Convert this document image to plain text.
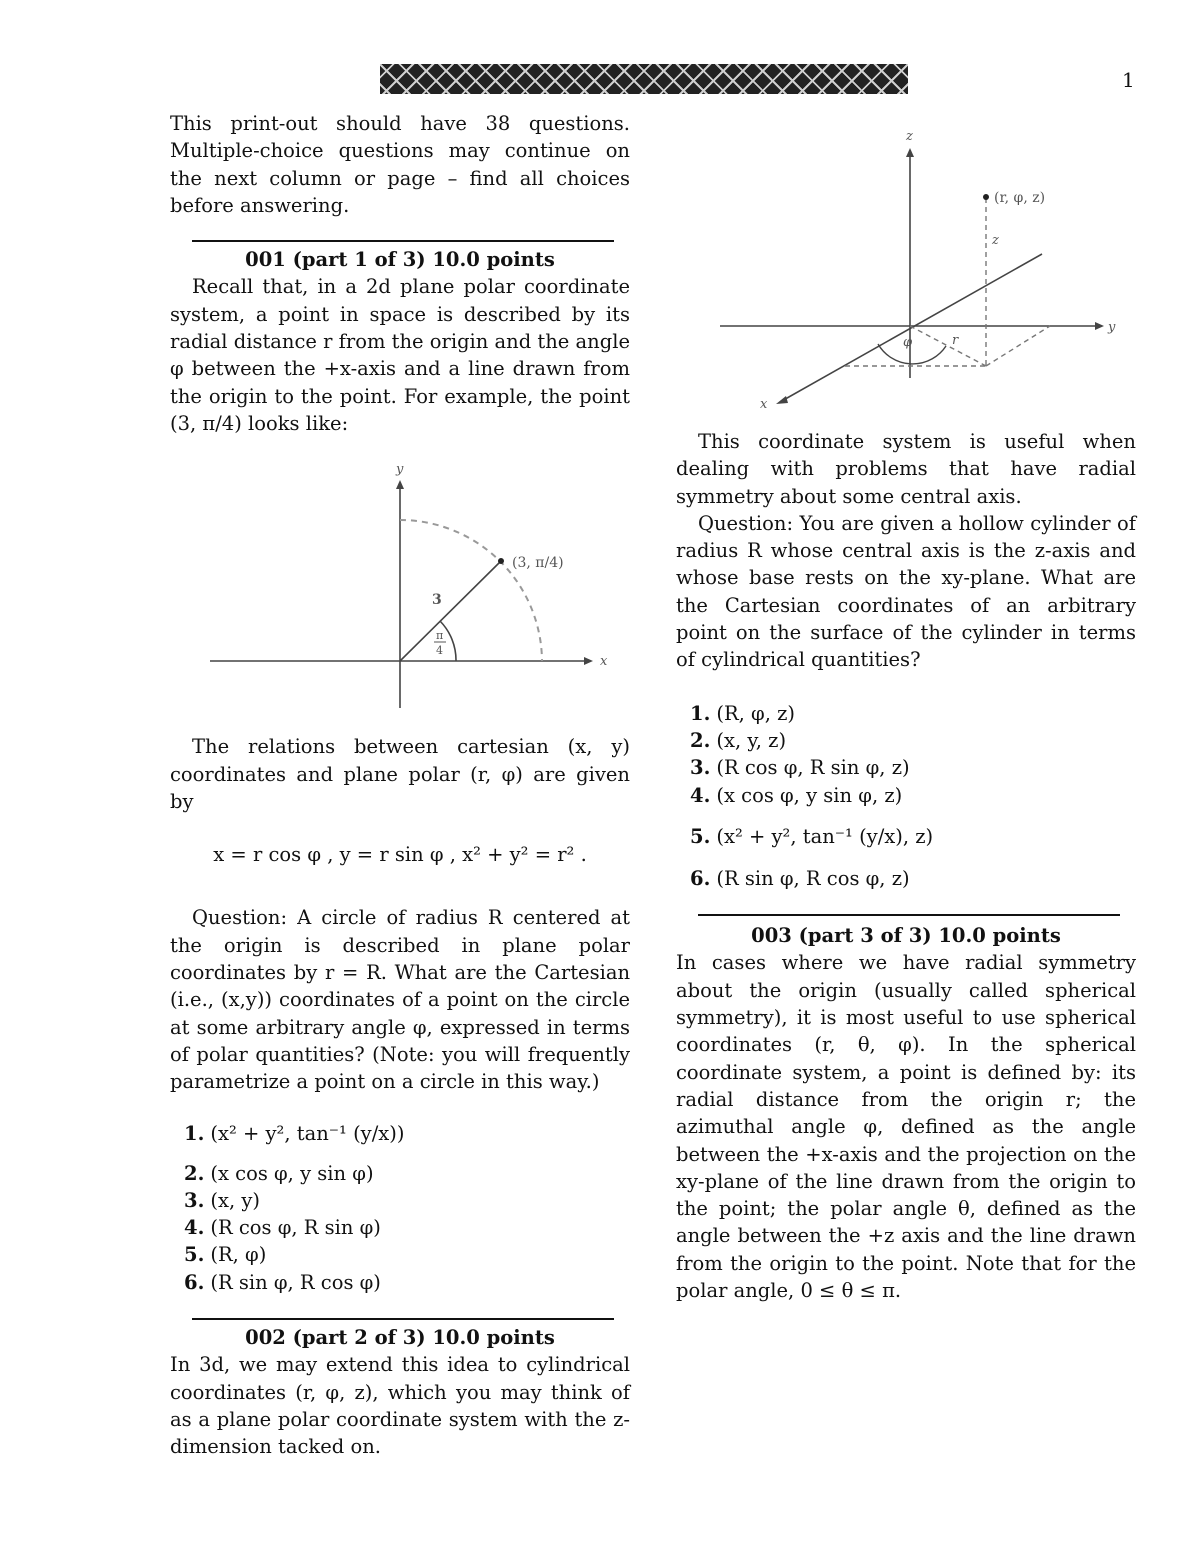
1

This print-out should have 38 questions. Multiple-choice questions may continue on the next column or page – find all choices before answering.

001 (part 1 of 3) 10.0 points

Recall that, in a 2d plane polar coordinate system, a point in space is described by its radial distance r from the origin and the angle φ between the +x-axis and a line drawn from the origin to the point. For example, the point (3, π/4) looks like:

The relations between cartesian (x, y) coordinates and plane polar (r, φ) are given by

x = r cos φ , y = r sin φ , x² + y² = r² .

Question: A circle of radius R centered at the origin is described in plane polar coordinates by r = R. What are the Cartesian (i.e., (x,y)) coordinates of a point on the circle at some arbitrary angle φ, expressed in terms of polar quantities? (Note: you will frequently parametrize a point on a circle in this way.)

1. (x² + y², tan⁻¹ (y/x))
2. (x cos φ, y sin φ)
3. (x, y)
4. (R cos φ, R sin φ)
5. (R, φ)
6. (R sin φ, R cos φ)
002 (part 2 of 3) 10.0 points

In 3d, we may extend this idea to cylindrical coordinates (r, φ, z), which you may think of as a plane polar coordinate system with the z-dimension tacked on.

y
x
(3, π/4)
3
π
4
z
y
x
φ	r
z
(r, φ, z)

This coordinate system is useful when dealing with problems that have radial symmetry about some central axis.

Question: You are given a hollow cylinder of radius R whose central axis is the z-axis and whose base rests on the xy-plane. What are the Cartesian coordinates of an arbitrary point on the surface of the cylinder in terms of cylindrical quantities?

1. (R, φ, z)
2. (x, y, z)
3. (R cos φ, R sin φ, z)
4. (x cos φ, y sin φ, z)
5. (x² + y², tan⁻¹ (y/x), z)
6. (R sin φ, R cos φ, z)
003 (part 3 of 3) 10.0 points

In cases where we have radial symmetry about the origin (usually called spherical symmetry), it is most useful to use spherical coordinates (r, θ, φ). In the spherical coordinate system, a point is defined by: its radial distance from the origin r; the azimuthal angle φ, defined as the angle between the +x-axis and the projection on the xy-plane of the line drawn from the origin to the point; the polar angle θ, defined as the angle between the +z axis and the line drawn from the origin to the point. Note that for the polar angle, 0 ≤ θ ≤ π.
